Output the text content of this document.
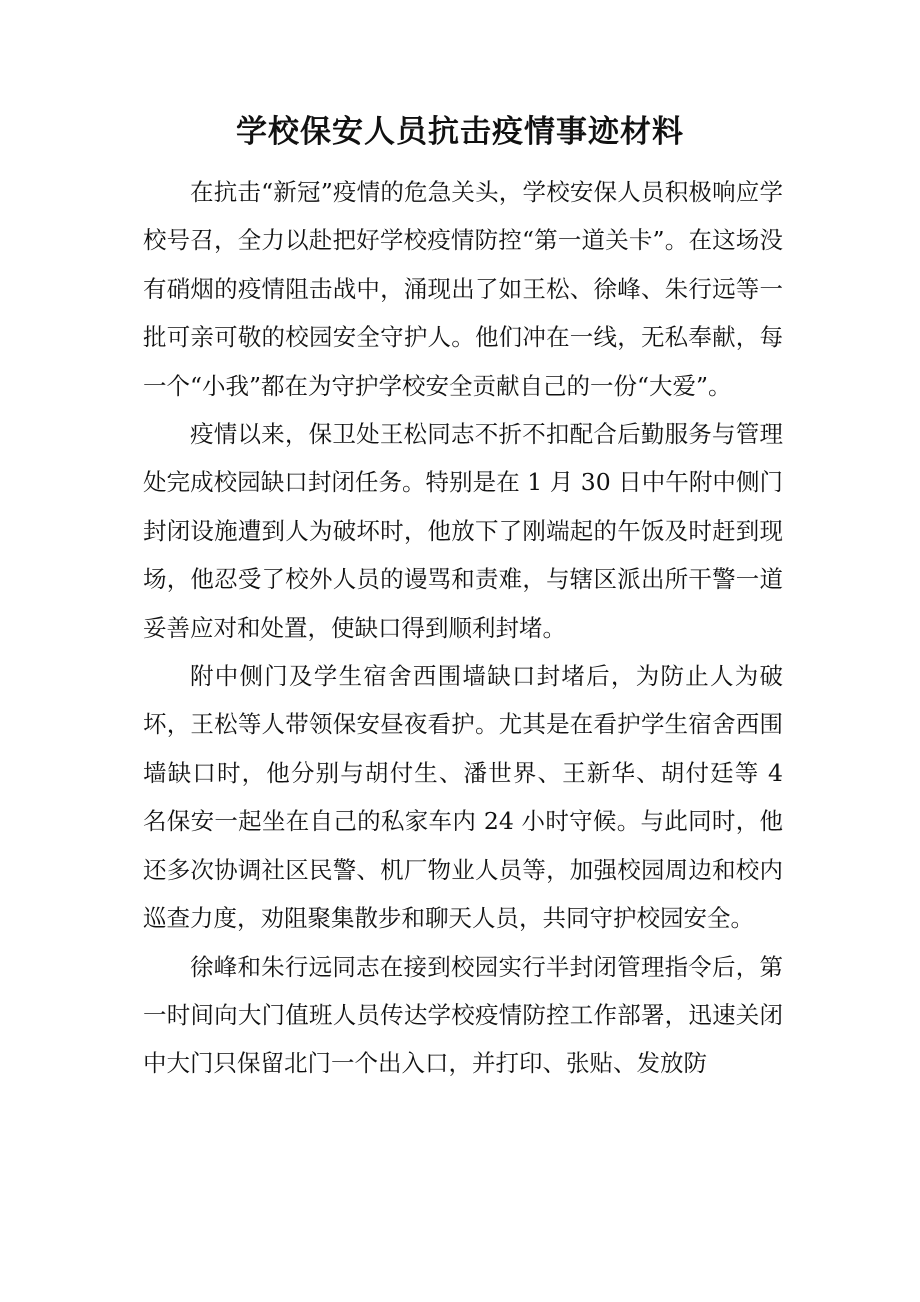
学校保安人员抗击疫情事迹材料

在抗击“新冠”疫情的危急关头，学校安保人员积极响应学校号召，全力以赴把好学校疫情防控“第一道关卡”。在这场没有硝烟的疫情阻击战中，涌现出了如王松、徐峰、朱行远等一批可亲可敬的校园安全守护人。他们冲在一线，无私奉献，每一个“小我”都在为守护学校安全贡献自己的一份“大爱”。

疫情以来，保卫处王松同志不折不扣配合后勤服务与管理处完成校园缺口封闭任务。特别是在 1 月 30 日中午附中侧门封闭设施遭到人为破坏时，他放下了刚端起的午饭及时赶到现场，他忍受了校外人员的谩骂和责难，与辖区派出所干警一道妥善应对和处置，使缺口得到顺利封堵。

附中侧门及学生宿舍西围墙缺口封堵后，为防止人为破坏，王松等人带领保安昼夜看护。尤其是在看护学生宿舍西围墙缺口时，他分别与胡付生、潘世界、王新华、胡付廷等 4 名保安一起坐在自己的私家车内 24 小时守候。与此同时，他还多次协调社区民警、机厂物业人员等，加强校园周边和校内巡查力度，劝阻聚集散步和聊天人员，共同守护校园安全。

徐峰和朱行远同志在接到校园实行半封闭管理指令后，第一时间向大门值班人员传达学校疫情防控工作部署，迅速关闭中大门只保留北门一个出入口，并打印、张贴、发放防
